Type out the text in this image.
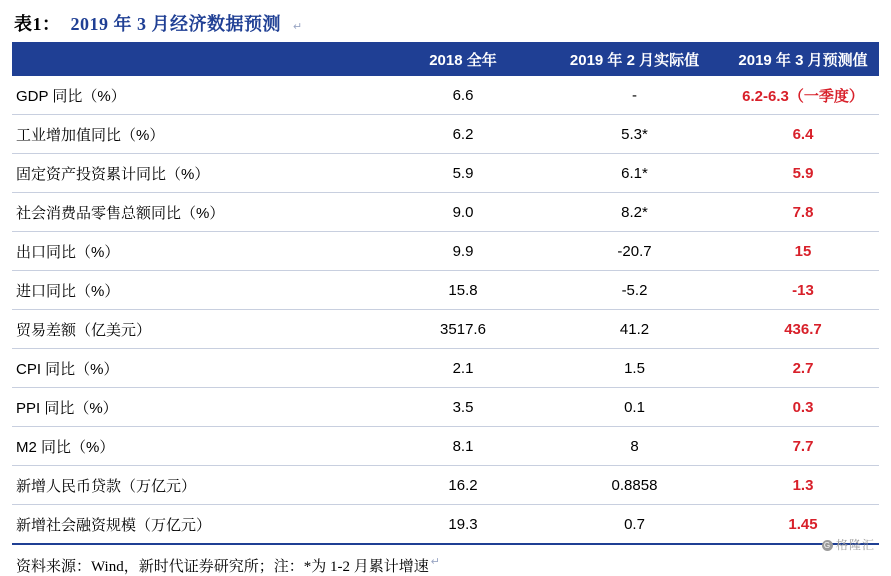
表1： 2019 年 3 月经济数据预测 ↵
	2018 全年	2019 年 2 月实际值	2019 年 3 月预测值
GDP 同比（%）	6.6	-	6.2-6.3（一季度）
工业增加值同比（%）	6.2	5.3*	6.4
固定资产投资累计同比（%）	5.9	6.1*	5.9
社会消费品零售总额同比（%）	9.0	8.2*	7.8
出口同比（%）	9.9	-20.7	15
进口同比（%）	15.8	-5.2	-13
贸易差额（亿美元）	3517.6	41.2	436.7
CPI 同比（%）	2.1	1.5	2.7
PPI 同比（%）	3.5	0.1	0.3
M2 同比（%）	8.1	8	7.7
新增人民币贷款（万亿元）	16.2	0.8858	1.3
新增社会融资规模（万亿元）	19.3	0.7	1.45
资料来源：Wind，新时代证券研究所；注：*为 1-2 月累计增速 ↵
G 格隆汇
